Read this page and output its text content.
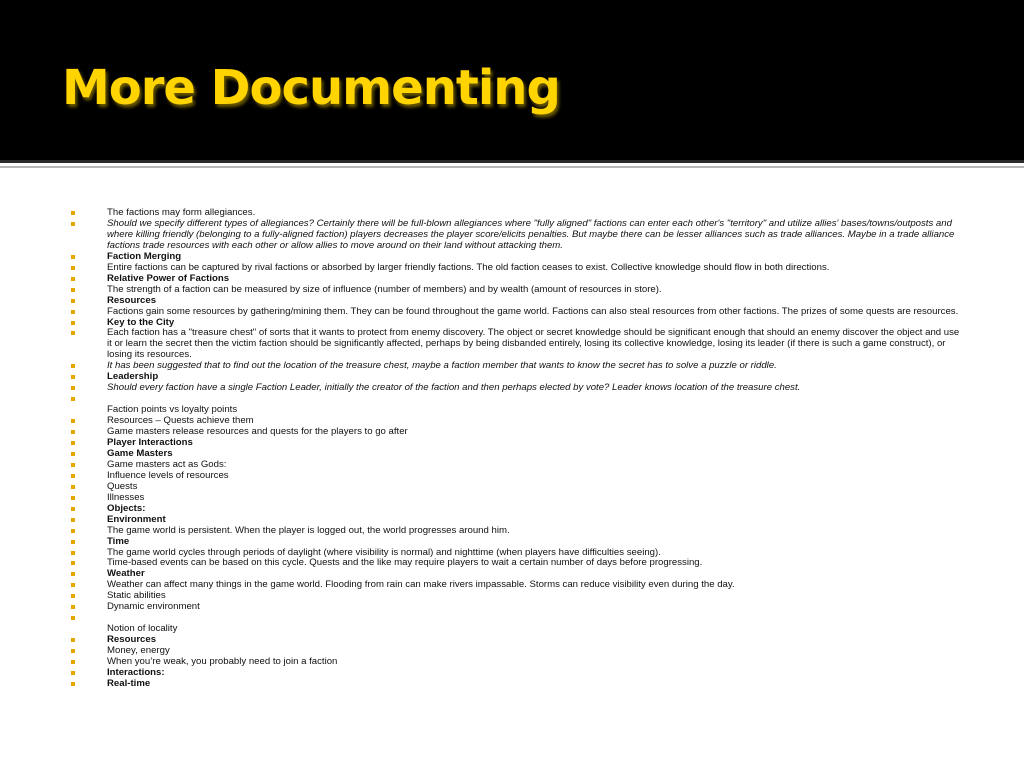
More Documenting
The factions may form allegiances.
Should we specify different types of allegiances? Certainly there will be full-blown allegiances where "fully aligned" factions can enter each other's "territory" and utilize allies' bases/towns/outposts and where killing friendly (belonging to a fully-aligned faction) players decreases the player score/elicits penalties. But maybe there can be lesser alliances such as trade alliances. Maybe in a trade alliance factions trade resources with each other or allow allies to move around on their land without attacking them.
Faction Merging
Entire factions can be captured by rival factions or absorbed by larger friendly factions. The old faction ceases to exist. Collective knowledge should flow in both directions.
Relative Power of Factions
The strength of a faction can be measured by size of influence (number of members) and by wealth (amount of resources in store).
Resources
Factions gain some resources by gathering/mining them. They can be found throughout the game world. Factions can also steal resources from other factions. The prizes of some quests are resources.
Key to the City
Each faction has a "treasure chest" of sorts that it wants to protect from enemy discovery. The object or secret knowledge should be significant enough that should an enemy discover the object and use it or learn the secret then the victim faction should be significantly affected, perhaps by being disbanded entirely, losing its collective knowledge, losing its leader (if there is such a game construct), or losing its resources.
It has been suggested that to find out the location of the treasure chest, maybe a faction member that wants to know the secret has to solve a puzzle or riddle.
Leadership
Should every faction have a single Faction Leader, initially the creator of the faction and then perhaps elected by vote? Leader knows location of the treasure chest.
Faction points vs loyalty points
Resources – Quests achieve them
Game masters release resources and quests for the players to go after
Player Interactions
Game Masters
Game masters act as Gods:
Influence levels of resources
Quests
Illnesses
Objects:
Environment
The game world is persistent. When the player is logged out, the world progresses around him.
Time
The game world cycles through periods of daylight (where visibility is normal) and nighttime (when players have difficulties seeing).
Time-based events can be based on this cycle. Quests and the like may require players to wait a certain number of days before progressing.
Weather
Weather can affect many things in the game world. Flooding from rain can make rivers impassable. Storms can reduce visibility even during the day.
Static abilities
Dynamic environment
Notion of locality
Resources
Money, energy
When you’re weak, you probably need to join a faction
Interactions:
Real-time
